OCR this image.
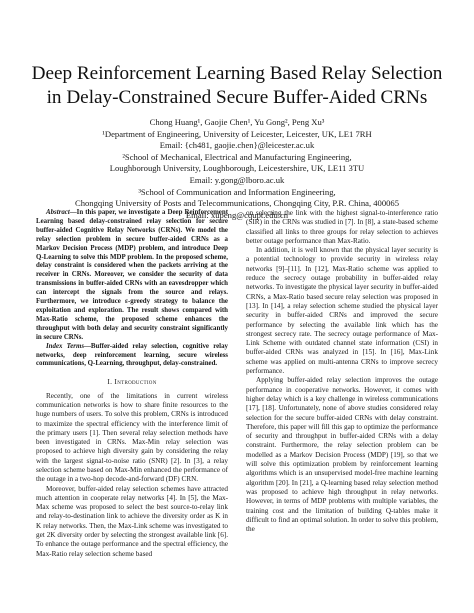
Deep Reinforcement Learning Based Relay Selection
in Delay-Constrained Secure Buffer-Aided CRNs
Chong Huang¹, Gaojie Chen¹, Yu Gong², Peng Xu³
¹Department of Engineering, University of Leicester, Leicester, UK, LE1 7RH
Email: {ch481, gaojie.chen}@leicester.ac.uk
²School of Mechanical, Electrical and Manufacturing Engineering,
Loughborough University, Loughborough, Leicestershire, UK, LE11 3TU
Email: y.gong@lboro.ac.uk
³School of Communication and Information Engineering,
Chongqing University of Posts and Telecommunications, Chongqing City, P.R. China, 400065
Email: xupeng@cqupt.edu.cn

Abstract—In this paper, we investigate a Deep Reinforcement Learning based delay-constrained relay selection for secure buffer-aided Cognitive Relay Networks (CRNs). We model the relay selection problem in secure buffer-aided CRNs as a Markov Decision Process (MDP) problem, and introduce Deep Q-Learning to solve this MDP problem. In the proposed scheme, delay constraint is considered when the packets arriving at the receiver in CRNs. Moreover, we consider the security of data transmissions in buffer-aided CRNs with an eavesdropper which can intercept the signals from the source and relays. Furthermore, we introduce ε-greedy strategy to balance the exploitation and exploration. The result shows compared with Max-Ratio scheme, the proposed scheme enhances the throughput with both delay and security constraint significantly in secure CRNs.

Index Terms—Buffer-aided relay selection, cognitive relay networks, deep reinforcement learning, secure wireless communications, Q-Learning, throughput, delay-constrained.

I. Introduction

Recently, one of the limitations in current wireless communication networks is how to share finite resources to the huge numbers of users. To solve this problem, CRNs is introduced to maximize the spectral efficiency with the interference limit of the primary users [1]. Then several relay selection methods have been investigated in CRNs. Max-Min relay selection was proposed to achieve high diversity gain by considering the relay with the largest signal-to-noise ratio (SNR) [2]. In [3], a relay selection scheme based on Max-Min enhanced the performance of the outage in a two-hop decode-and-forward (DF) CRN.

Moreover, buffer-aided relay selection schemes have attracted much attention in cooperate relay networks [4]. In [5], the Max-Max scheme was proposed to select the best source-to-relay link and relay-to-destination link to achieve the diversity order as K in K relay networks. Then, the Max-Link scheme was investigated to get 2K diversity order by selecting the strongest available link [6]. To enhance the outage performance and the spectral efficiency, the Max-Ratio relay selection scheme based

on selecting the link with the highest signal-to-interference ratio (SIR) in the CRNs was studied in [7]. In [8], a state-based scheme classified all links to three groups for relay selection to achieves better outage performance than Max-Ratio.

In addition, it is well known that the physical layer security is a potential technology to provide security in wireless relay networks [9]–[11]. In [12], Max-Ratio scheme was applied to reduce the secrecy outage probability in buffer-aided relay networks. To investigate the physical layer security in buffer-aided CRNs, a Max-Ratio based secure relay selection was proposed in [13]. In [14], a relay selection scheme studied the physical layer security in buffer-aided CRNs and improved the secure performance by selecting the available link which has the strongest secrecy rate. The secrecy outage performance of Max-Link Scheme with outdated channel state information (CSI) in buffer-aided CRNs was analyzed in [15]. In [16], Max-Link scheme was applied on multi-antenna CRNs to improve secrecy performance.

Applying buffer-aided relay selection improves the outage performance in cooperative networks. However, it comes with higher delay which is a key challenge in wireless communications [17], [18]. Unfortunately, none of above studies considered relay selection for the secure buffer-aided CRNs with delay constraint. Therefore, this paper will fill this gap to optimize the performance of security and throughput in buffer-aided CRNs with a delay constraint. Furthermore, the relay selection problem can be modelled as a Markov Decision Process (MDP) [19], so that we will solve this optimization problem by reinforcement learning algorithms which is an unsupervised model-free machine learning algorithm [20]. In [21], a Q-learning based relay selection method was proposed to achieve high throughput in relay networks. However, in terms of MDP problems with multiple variables, the training cost and the limitation of building Q-tables make it difficult to find an optimal solution. In order to solve this problem, the
